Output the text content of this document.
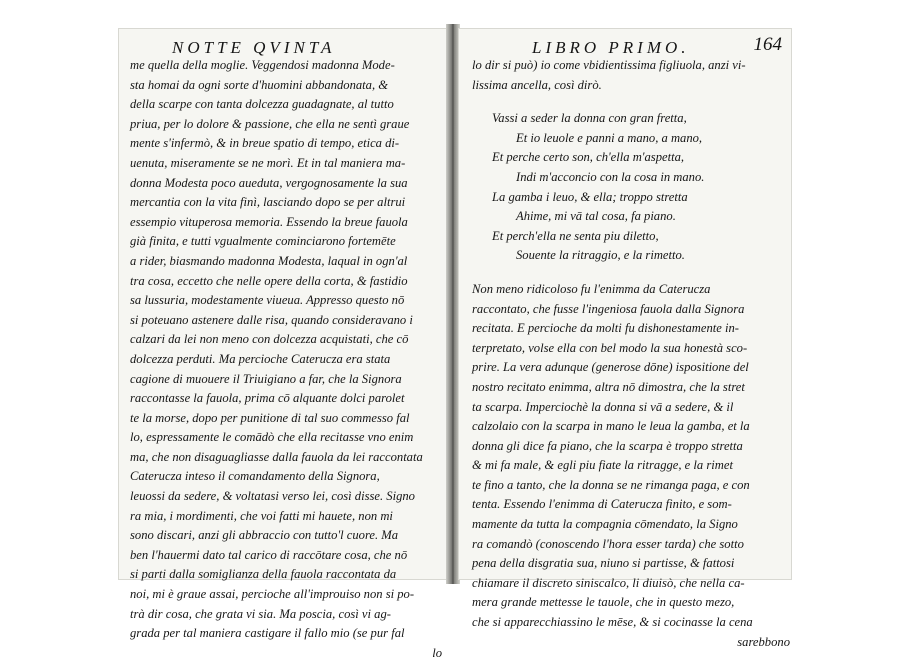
NOTTE QVINTA
me quella della moglie. Veggendosi madonna Mode-
sta homai da ogni sorte d'huomini abbandonata, &
della scarpe con tanta dolcezza guadagnate, al tutto
priua, per lo dolore & passione, che ella ne sentì graue
mente s'infermò, & in breue spatio di tempo, etica di-
uenuta, miseramente se ne morì. Et in tal maniera ma-
donna Modesta poco aueduta, vergognosamente la sua
mercantia con la vita finì, lasciando dopo se per altrui
essempio vituperosa memoria. Essendo la breue fauola
già finita, e tutti vgualmente cominciarono fortemēte
a rider, biasmando madonna Modesta, laqual in ogn'al
tra cosa, eccetto che nelle opere della corta, & fastidio
sa lussuria, modestamente viueua. Appresso questo nō
si poteuano astenere dalle risa, quando consideravano i
calzari da lei non meno con dolcezza acquistati, che cō
dolcezza perduti. Ma percioche Caterucza era stata
cagione di muouere il Triuigiano a far, che la Signora
raccontasse la fauola, prima cō alquante dolci parolet
te la morse, dopo per punitione di tal suo commesso fal
lo, espressamente le comādò che ella recitasse vno enim
ma, che non disaguagliasse dalla fauola da lei raccontata
Caterucza inteso il comandamento della Signora,
leuossi da sedere, & voltatasi verso lei, così disse. Signo
ra mia, i mordimenti, che voi fatti mi hauete, non mi
sono discari, anzi gli abbraccio con tutto'l cuore. Ma
ben l'hauermi dato tal carico di raccōtare cosa, che nō
si parti dalla somiglianza della fauola raccontata da
noi, mi è graue assai, percioche all'improuiso non si po-
trà dir cosa, che grata vi sia. Ma poscia, così vi ag-
grada per tal maniera castigare il fallo mio (se pur fal
lo
LIBRO PRIMO.	164
lo dir si può) io come vbidientissima figliuola, anzi vi-
lissima ancella, così dirò.
Vassi a seder la donna con gran fretta,
Et io leuole e panni a mano, a mano,
Et perche certo son, ch'ella m'aspetta,
Indi m'acconcio con la cosa in mano.
La gamba i leuo, & ella; troppo stretta
Ahime, mi vā tal cosa, fa piano.
Et perch'ella ne senta piu diletto,
Souente la ritraggio, e la rimetto.
Non meno ridicoloso fu l'enimma da Caterucza
raccontato, che fusse l'ingeniosa fauola dalla Signora
recitata. E percioche da molti fu dishonestamente in-
terpretato, volse ella con bel modo la sua honestà sco-
prire. La vera adunque (generose dōne) ispositione del
nostro recitato enimma, altra nō dimostra, che la stret
ta scarpa. Imperciochè la donna si vā a sedere, & il
calzolaio con la scarpa in mano le leua la gamba, et la
donna gli dice fa piano, che la scarpa è troppo stretta
& mi fa male, & egli piu fiate la ritragge, e la rimet
te fino a tanto, che la donna se ne rimanga paga, e con
tenta. Essendo l'enimma di Caterucza finito, e som-
mamente da tutta la compagnia cōmendato, la Signo
ra comandò (conoscendo l'hora esser tarda) che sotto
pena della disgratia sua, niuno si partisse, & fattosi
chiamare il discreto siniscalco, li diuisò, che nella ca-
mera grande mettesse le tauole, che in questo mezo,
che si apparecchiassino le mēse, & si cocinasse la cena
sarebbono
